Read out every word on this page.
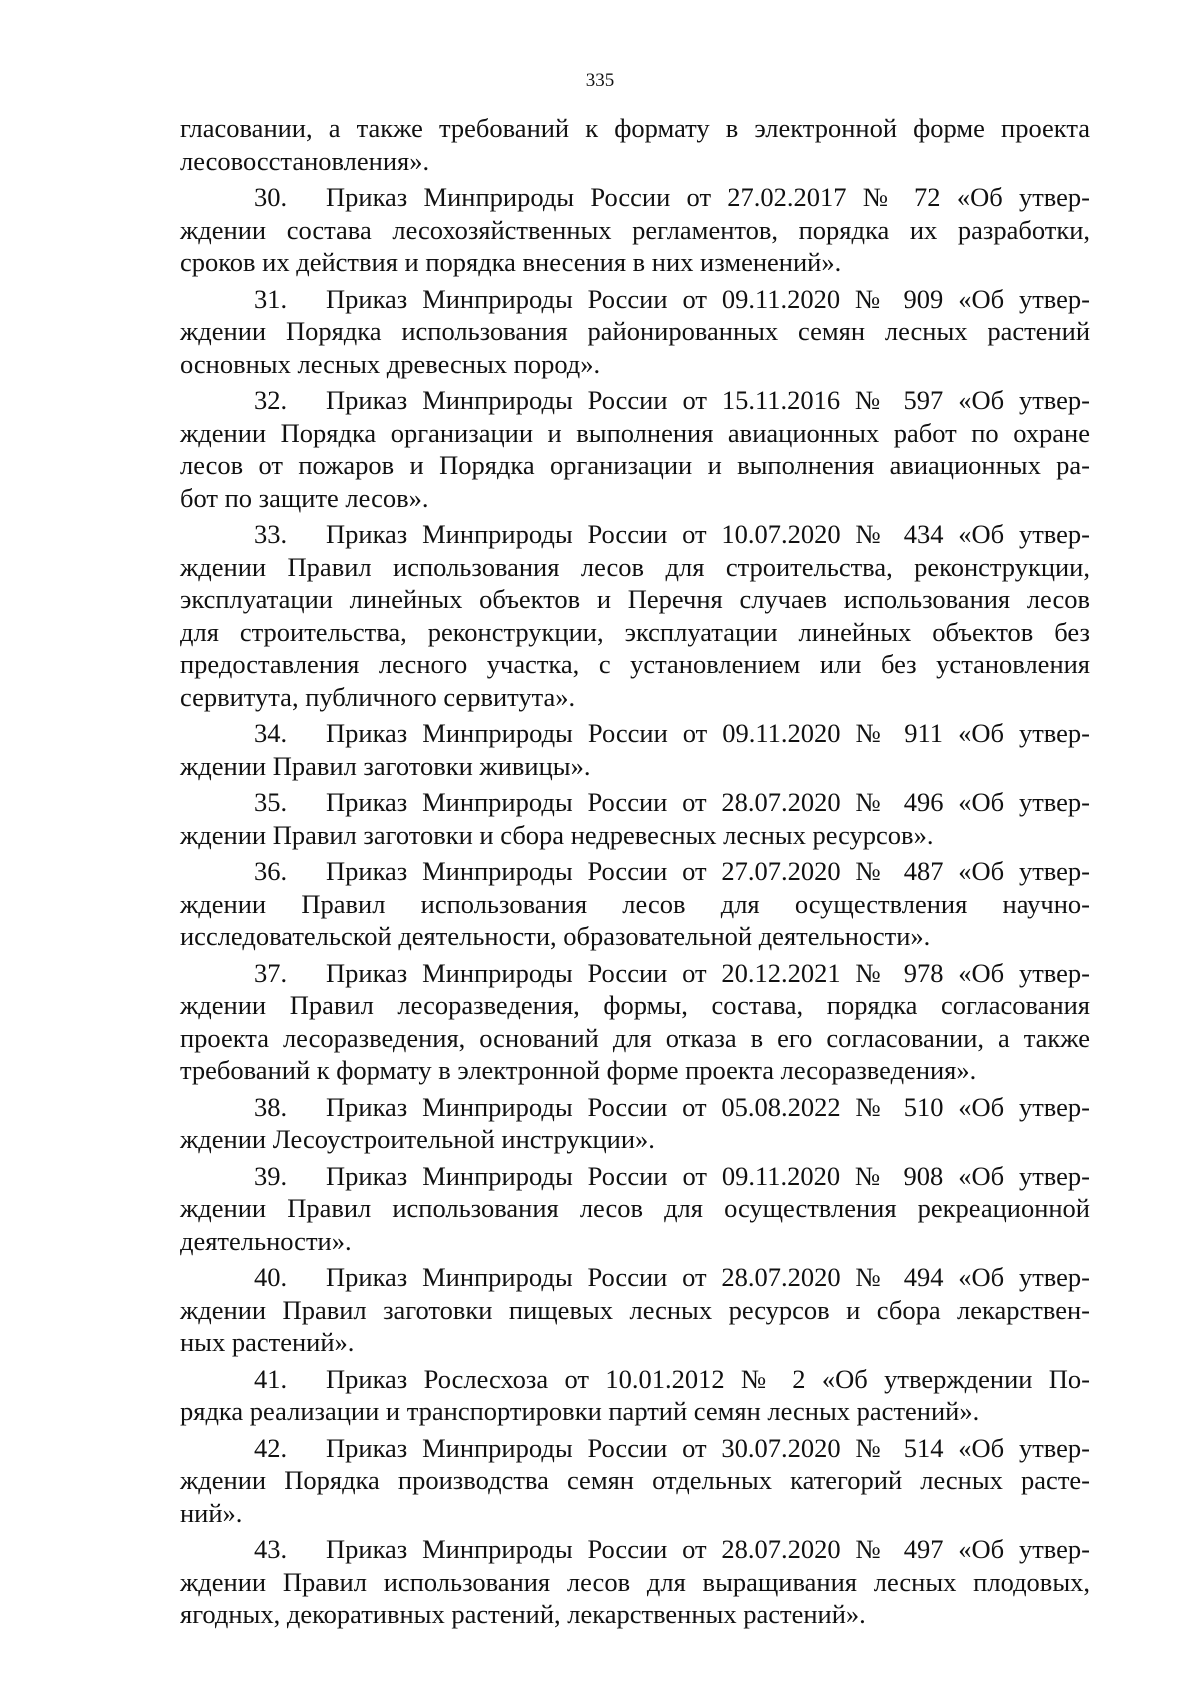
335
гласовании, а также требований к формату в электронной форме проекта
лесовосстановления».
30. Приказ Минприроды России от 27.02.2017 № 72 «Об утвер-
ждении состава лесохозяйственных регламентов, порядка их разработки,
сроков их действия и порядка внесения в них изменений».
31. Приказ Минприроды России от 09.11.2020 № 909 «Об утвер-
ждении Порядка использования районированных семян лесных растений
основных лесных древесных пород».
32. Приказ Минприроды России от 15.11.2016 № 597 «Об утвер-
ждении Порядка организации и выполнения авиационных работ по охране
лесов от пожаров и Порядка организации и выполнения авиационных ра-
бот по защите лесов».
33. Приказ Минприроды России от 10.07.2020 № 434 «Об утвер-
ждении Правил использования лесов для строительства, реконструкции,
эксплуатации линейных объектов и Перечня случаев использования лесов
для строительства, реконструкции, эксплуатации линейных объектов без
предоставления лесного участка, с установлением или без установления
сервитута, публичного сервитута».
34. Приказ Минприроды России от 09.11.2020 № 911 «Об утвер-
ждении Правил заготовки живицы».
35. Приказ Минприроды России от 28.07.2020 № 496 «Об утвер-
ждении Правил заготовки и сбора недревесных лесных ресурсов».
36. Приказ Минприроды России от 27.07.2020 № 487 «Об утвер-
ждении Правил использования лесов для осуществления научно-
исследовательской деятельности, образовательной деятельности».
37. Приказ Минприроды России от 20.12.2021 № 978 «Об утвер-
ждении Правил лесоразведения, формы, состава, порядка согласования
проекта лесоразведения, оснований для отказа в его согласовании, а также
требований к формату в электронной форме проекта лесоразведения».
38. Приказ Минприроды России от 05.08.2022 № 510 «Об утвер-
ждении Лесоустроительной инструкции».
39. Приказ Минприроды России от 09.11.2020 № 908 «Об утвер-
ждении Правил использования лесов для осуществления рекреационной
деятельности».
40. Приказ Минприроды России от 28.07.2020 № 494 «Об утвер-
ждении Правил заготовки пищевых лесных ресурсов и сбора лекарствен-
ных растений».
41. Приказ Рослесхоза от 10.01.2012 № 2 «Об утверждении По-
рядка реализации и транспортировки партий семян лесных растений».
42. Приказ Минприроды России от 30.07.2020 № 514 «Об утвер-
ждении Порядка производства семян отдельных категорий лесных расте-
ний».
43. Приказ Минприроды России от 28.07.2020 № 497 «Об утвер-
ждении Правил использования лесов для выращивания лесных плодовых,
ягодных, декоративных растений, лекарственных растений».
